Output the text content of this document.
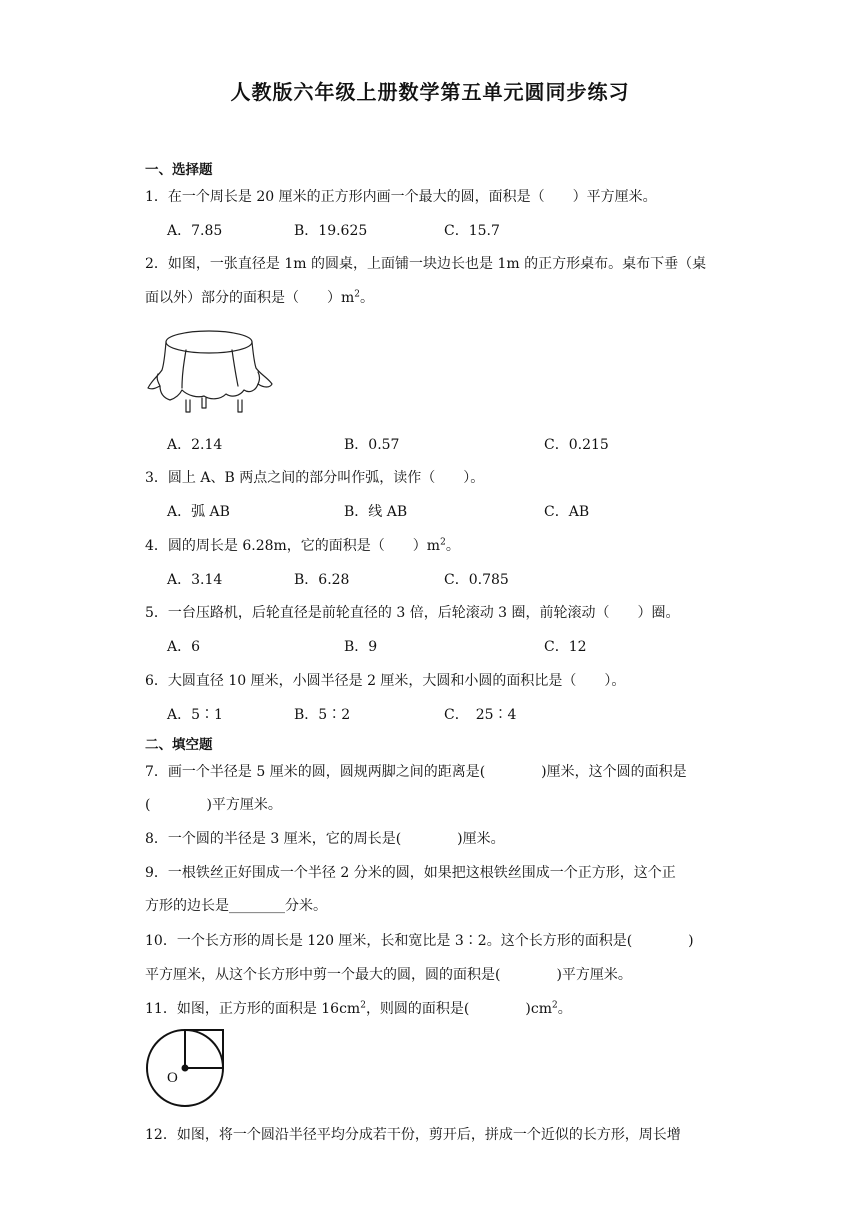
人教版六年级上册数学第五单元圆同步练习
一、选择题
1．在一个周长是 20 厘米的正方形内画一个最大的圆，面积是（　　）平方厘米。
A．7.85	B．19.625	C．15.7
2．如图，一张直径是 1m 的圆桌，上面铺一块边长也是 1m 的正方形桌布。桌布下垂（桌
面以外）部分的面积是（　　）$m^2$。
A．2.14	B．0.57	C．0.215
3．圆上 A、B 两点之间的部分叫作弧，读作（　　）。
A．弧 AB	B．线 AB	C．AB
4．圆的周长是 6.28m，它的面积是（　　）$m^2$。
A．3.14	B．6.28	C．0.785
5．一台压路机，后轮直径是前轮直径的 3 倍，后轮滚动 3 圈，前轮滚动（　　）圈。
A．6	B．9	C．12
6．大圆直径 10 厘米，小圆半径是 2 厘米，大圆和小圆的面积比是（　　）。
A．5∶1	B．5∶2	C．　25∶4
二、填空题
7．画一个半径是 5 厘米的圆，圆规两脚之间的距离是(　　　　)厘米，这个圆的面积是
(　　　　)平方厘米。
8．一个圆的半径是 3 厘米，它的周长是(　　　　)厘米。
9．一根铁丝正好围成一个半径 2 分米的圆，如果把这根铁丝围成一个正方形，这个正
方形的边长是________分米。
10．一个长方形的周长是 120 厘米，长和宽比是 3∶2。这个长方形的面积是(　　　　)
平方厘米，从这个长方形中剪一个最大的圆，圆的面积是(　　　　)平方厘米。
11．如图，正方形的面积是 $16cm^2$，则圆的面积是(　　　　)$cm^2$。
O
12．如图，将一个圆沿半径平均分成若干份，剪开后，拼成一个近似的长方形，周长增
